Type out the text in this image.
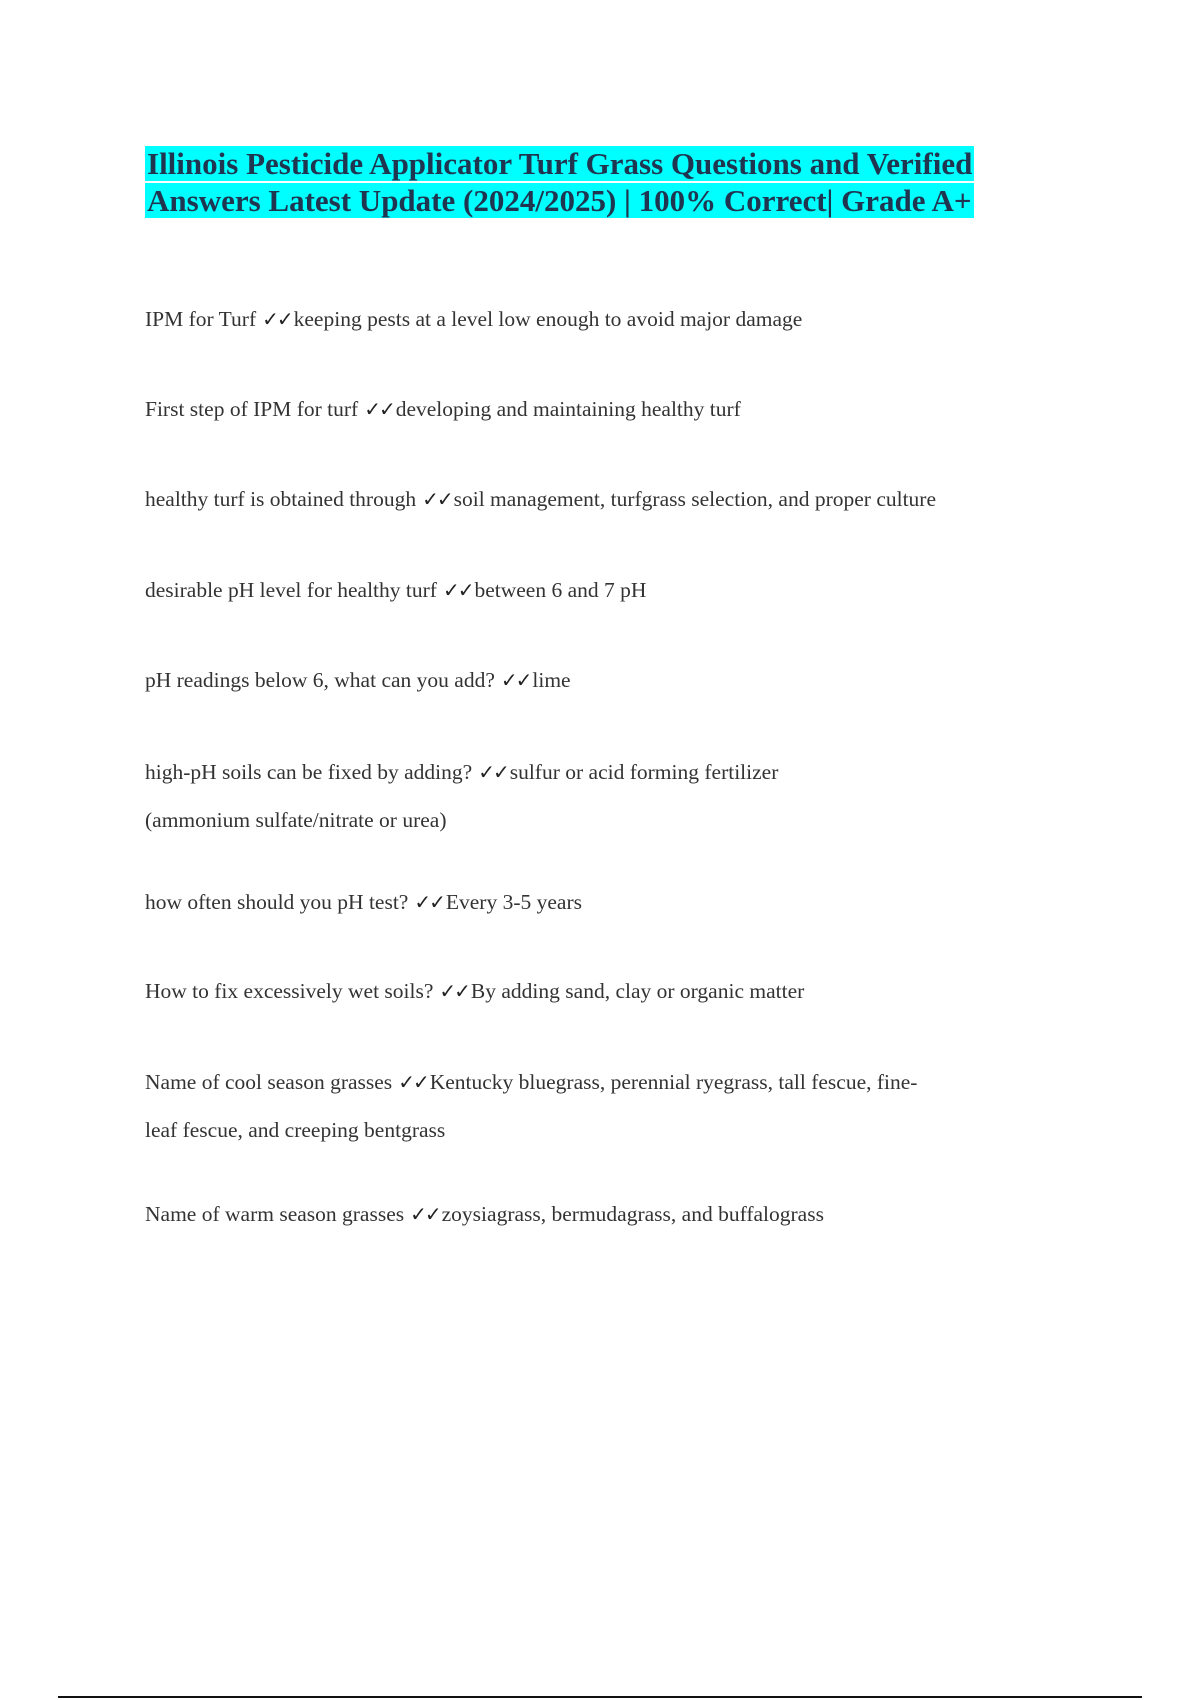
Illinois Pesticide Applicator Turf Grass Questions and Verified
Answers Latest Update (2024/2025) | 100% Correct| Grade A+

IPM for Turf ✓✓keeping pests at a level low enough to avoid major damage

First step of IPM for turf ✓✓developing and maintaining healthy turf

healthy turf is obtained through ✓✓soil management, turfgrass selection, and proper culture

desirable pH level for healthy turf ✓✓between 6 and 7 pH

pH readings below 6, what can you add? ✓✓lime

high-pH soils can be fixed by adding? ✓✓sulfur or acid forming fertilizer
(ammonium sulfate/nitrate or urea)

how often should you pH test? ✓✓Every 3-5 years

How to fix excessively wet soils? ✓✓By adding sand, clay or organic matter

Name of cool season grasses ✓✓Kentucky bluegrass, perennial ryegrass, tall fescue, fine-
leaf fescue, and creeping bentgrass

Name of warm season grasses ✓✓zoysiagrass, bermudagrass, and buffalograss
